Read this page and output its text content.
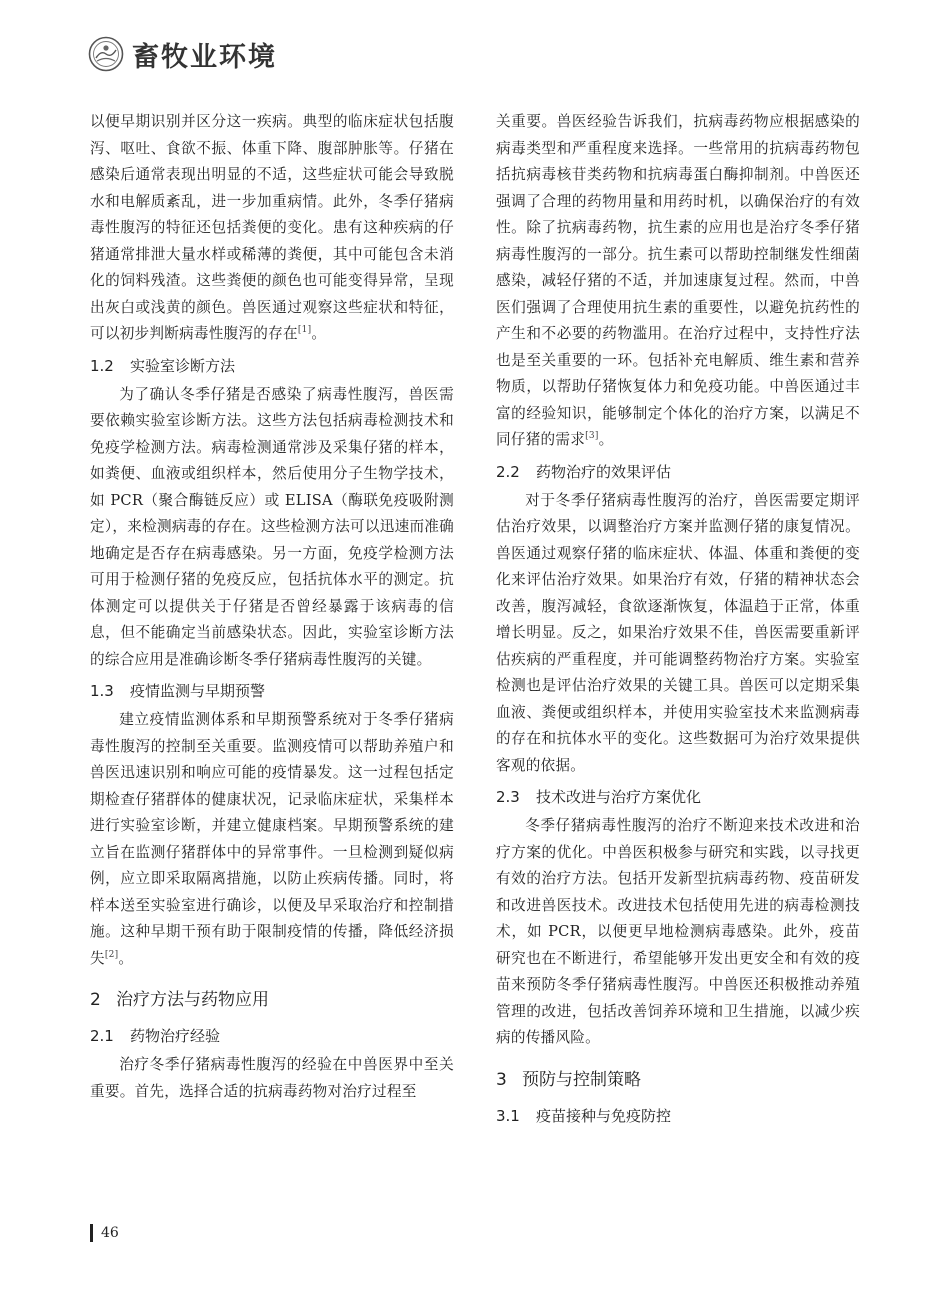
畜牧业环境

以便早期识别并区分这一疾病。典型的临床症状包括腹泻、呕吐、食欲不振、体重下降、腹部肿胀等。仔猪在感染后通常表现出明显的不适，这些症状可能会导致脱水和电解质紊乱，进一步加重病情。此外，冬季仔猪病毒性腹泻的特征还包括粪便的变化。患有这种疾病的仔猪通常排泄大量水样或稀薄的粪便，其中可能包含未消化的饲料残渣。这些粪便的颜色也可能变得异常，呈现出灰白或浅黄的颜色。兽医通过观察这些症状和特征，可以初步判断病毒性腹泻的存在[1]。

1.2 实验室诊断方法

为了确认冬季仔猪是否感染了病毒性腹泻，兽医需要依赖实验室诊断方法。这些方法包括病毒检测技术和免疫学检测方法。病毒检测通常涉及采集仔猪的样本，如粪便、血液或组织样本，然后使用分子生物学技术，如 PCR（聚合酶链反应）或 ELISA（酶联免疫吸附测定），来检测病毒的存在。这些检测方法可以迅速而准确地确定是否存在病毒感染。另一方面，免疫学检测方法可用于检测仔猪的免疫反应，包括抗体水平的测定。抗体测定可以提供关于仔猪是否曾经暴露于该病毒的信息，但不能确定当前感染状态。因此，实验室诊断方法的综合应用是准确诊断冬季仔猪病毒性腹泻的关键。

1.3 疫情监测与早期预警

建立疫情监测体系和早期预警系统对于冬季仔猪病毒性腹泻的控制至关重要。监测疫情可以帮助养殖户和兽医迅速识别和响应可能的疫情暴发。这一过程包括定期检查仔猪群体的健康状况，记录临床症状，采集样本进行实验室诊断，并建立健康档案。早期预警系统的建立旨在监测仔猪群体中的异常事件。一旦检测到疑似病例，应立即采取隔离措施，以防止疾病传播。同时，将样本送至实验室进行确诊，以便及早采取治疗和控制措施。这种早期干预有助于限制疫情的传播，降低经济损失[2]。

2 治疗方法与药物应用
2.1 药物治疗经验

治疗冬季仔猪病毒性腹泻的经验在中兽医界中至关重要。首先，选择合适的抗病毒药物对治疗过程至

关重要。兽医经验告诉我们，抗病毒药物应根据感染的病毒类型和严重程度来选择。一些常用的抗病毒药物包括抗病毒核苷类药物和抗病毒蛋白酶抑制剂。中兽医还强调了合理的药物用量和用药时机，以确保治疗的有效性。除了抗病毒药物，抗生素的应用也是治疗冬季仔猪病毒性腹泻的一部分。抗生素可以帮助控制继发性细菌感染，减轻仔猪的不适，并加速康复过程。然而，中兽医们强调了合理使用抗生素的重要性，以避免抗药性的产生和不必要的药物滥用。在治疗过程中，支持性疗法也是至关重要的一环。包括补充电解质、维生素和营养物质，以帮助仔猪恢复体力和免疫功能。中兽医通过丰富的经验知识，能够制定个体化的治疗方案，以满足不同仔猪的需求[3]。

2.2 药物治疗的效果评估

对于冬季仔猪病毒性腹泻的治疗，兽医需要定期评估治疗效果，以调整治疗方案并监测仔猪的康复情况。兽医通过观察仔猪的临床症状、体温、体重和粪便的变化来评估治疗效果。如果治疗有效，仔猪的精神状态会改善，腹泻减轻，食欲逐渐恢复，体温趋于正常，体重增长明显。反之，如果治疗效果不佳，兽医需要重新评估疾病的严重程度，并可能调整药物治疗方案。实验室检测也是评估治疗效果的关键工具。兽医可以定期采集血液、粪便或组织样本，并使用实验室技术来监测病毒的存在和抗体水平的变化。这些数据可为治疗效果提供客观的依据。

2.3 技术改进与治疗方案优化

冬季仔猪病毒性腹泻的治疗不断迎来技术改进和治疗方案的优化。中兽医积极参与研究和实践，以寻找更有效的治疗方法。包括开发新型抗病毒药物、疫苗研发和改进兽医技术。改进技术包括使用先进的病毒检测技术，如 PCR，以便更早地检测病毒感染。此外，疫苗研究也在不断进行，希望能够开发出更安全和有效的疫苗来预防冬季仔猪病毒性腹泻。中兽医还积极推动养殖管理的改进，包括改善饲养环境和卫生措施，以减少疾病的传播风险。

3 预防与控制策略
3.1 疫苗接种与免疫防控
46
